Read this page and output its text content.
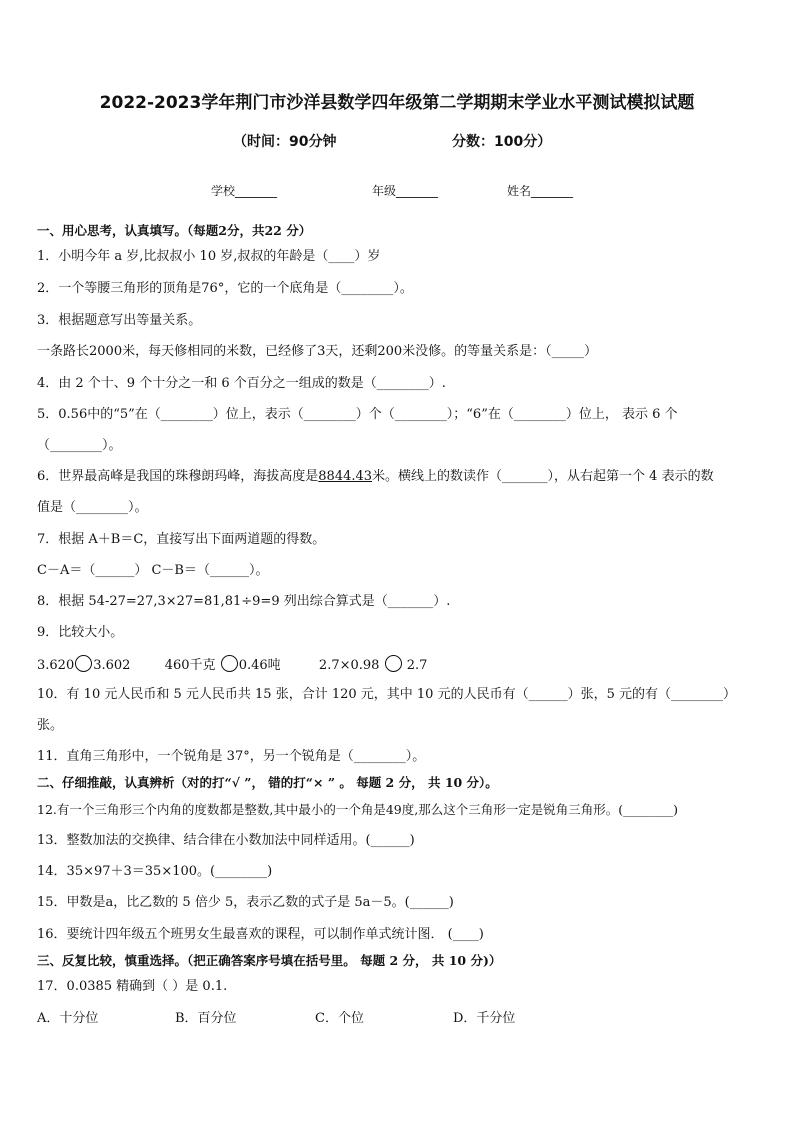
2022-2023学年荆门市沙洋县数学四年级第二学期期末学业水平测试模拟试题
（时间：90分钟	分数：100分）
学校_______	年级_______	姓名_______
一、用心思考，认真填写。（每题2分，共22 分）
1．小明今年 a 岁,比叔叔小 10 岁,叔叔的年龄是（____）岁
2．一个等腰三角形的顶角是76°，它的一个底角是（________）。
3．根据题意写出等量关系。
一条路长2000米，每天修相同的米数，已经修了3天，还剩200米没修。的等量关系是：（_____）
4．由 2 个十、9 个十分之一和 6 个百分之一组成的数是（________）.
5．0.56中的“5”在（________）位上，表示（________）个（________）；“6”在（________）位上， 表示 6 个
（________）。
6．世界最高峰是我国的珠穆朗玛峰，海拔高度是8844.43米。横线上的数读作（_______），从右起第一个 4 表示的数
值是（________）。
7．根据 A＋B＝C，直接写出下面两道题的得数。
C－A＝（______） C－B＝（______）。
8．根据 54-27=27,3×27=81,81÷9=9 列出综合算式是（_______）.
9．比较大小。
3.620 3.602	460千克 0.46吨	2.7×0.98 2.7
10．有 10 元人民币和 5 元人民币共 15 张，合计 120 元，其中 10 元的人民币有（______）张，5 元的有（________）
张。
11．直角三角形中，一个锐角是 37°，另一个锐角是（________）。
二、仔细推敲，认真辨析（对的打“√ ”， 错的打“× ” 。 每题 2 分， 共 10 分）。
12.有一个三角形三个内角的度数都是整数,其中最小的一个角是49度,那么这个三角形一定是锐角三角形。(________)
13．整数加法的交换律、结合律在小数加法中同样适用。(______)
14．35×97＋3＝35×100。(________)
15．甲数是a，比乙数的 5 倍少 5，表示乙数的式子是 5a－5。(______)
16．要统计四年级五个班男女生最喜欢的课程，可以制作单式统计图． (____)
三、反复比较，慎重选择。（把正确答案序号填在括号里。 每题 2 分， 共 10 分)）
17．0.0385 精确到（ ）是 0.1.
A．十分位	B．百分位	C．个位	D．千分位
